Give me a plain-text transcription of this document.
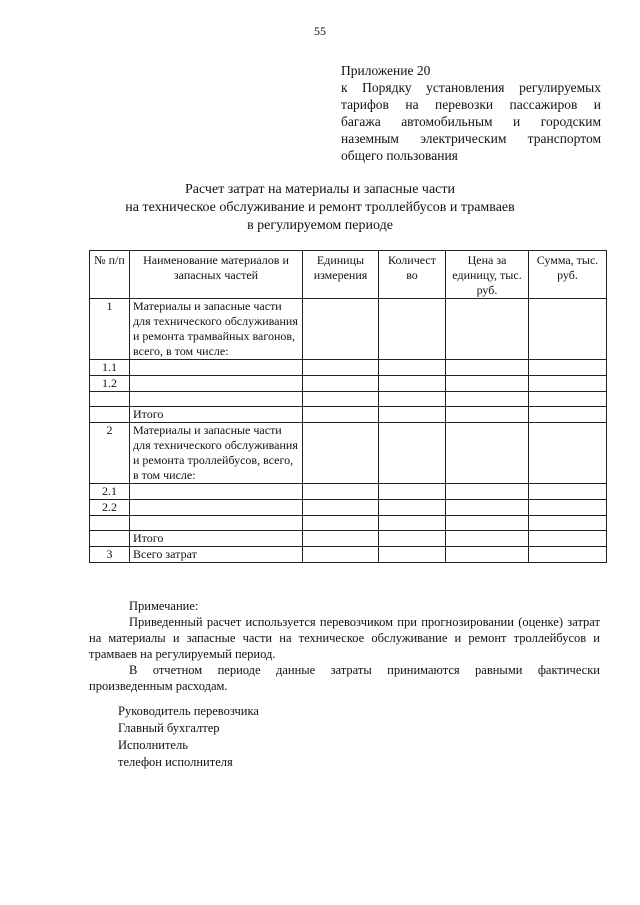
55
Приложение 20
к Порядку установления регулируемых
тарифов на перевозки пассажиров и
багажа автомобильным и городским
наземным электрическим транспортом
общего пользования
Расчет затрат на материалы и запасные части
на техническое обслуживание и ремонт троллейбусов и трамваев
в регулируемом периоде
№ п/п	Наименование материалов и запасных частей	Единицы измерения	Количест во	Цена за единицу, тыс. руб.	Сумма, тыс. руб.
1	Материалы и запасные части для технического обслуживания и ремонта трамвайных вагонов, всего, в том числе:				
1.1					
1.2					

	Итого				
2	Материалы и запасные части для технического обслуживания и ремонта троллейбусов, всего, в том числе:				
2.1					
2.2					

	Итого				
3	Всего затрат				

Примечание:

Приведенный расчет используется перевозчиком при прогнозировании (оценке) затрат на материалы и запасные части на техническое обслуживание и ремонт троллейбусов и трамваев на регулируемый период.

В отчетном периоде данные затраты принимаются равными фактически произведенным расходам.

Руководитель перевозчика
Главный бухгалтер
Исполнитель
телефон исполнителя
